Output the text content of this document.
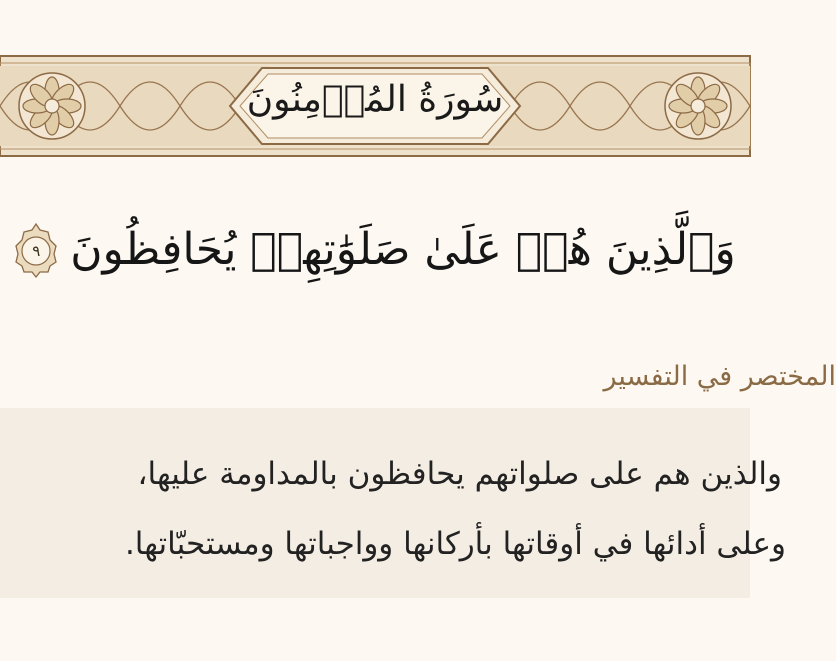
سُورَةُ المُؤۡمِنُونَ
وَٱلَّذِينَ هُمۡ عَلَىٰ صَلَوَٰتِهِمۡ يُحَافِظُونَ
٩
المختصر في التفسير
والذين هم على صلواتهم يحافظون بالمداومة عليها،
وعلى أدائها في أوقاتها بأركانها وواجباتها ومستحبّاتها.
